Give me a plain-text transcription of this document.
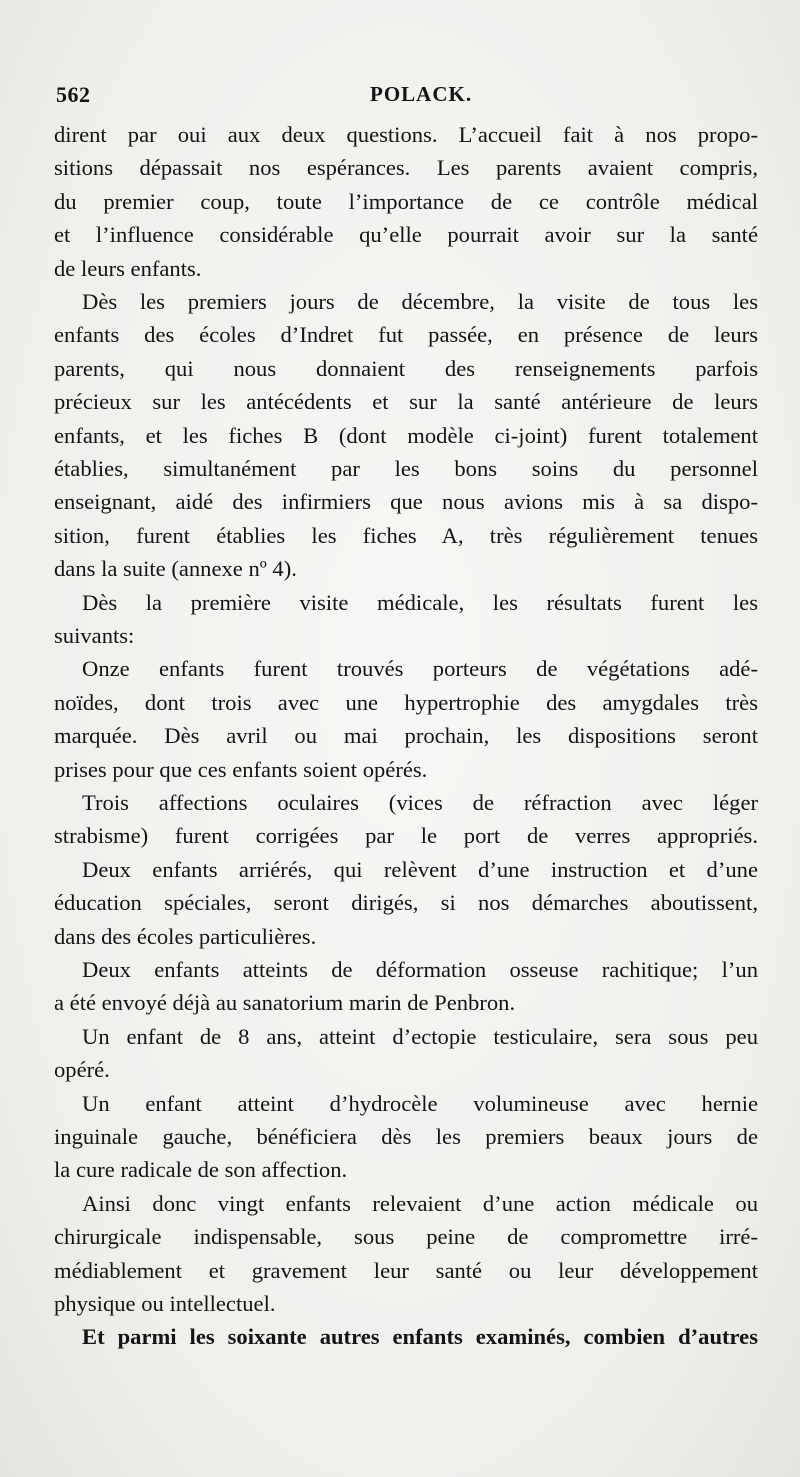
562	POLACK.
dirent par oui aux deux questions. L’accueil fait à nos propo-
sitions dépassait nos espérances. Les parents avaient compris,
du premier coup, toute l’importance de ce contrôle médical
et l’influence considérable qu’elle pourrait avoir sur la santé
de leurs enfants.
Dès les premiers jours de décembre, la visite de tous les
enfants des écoles d’Indret fut passée, en présence de leurs
parents, qui nous donnaient des renseignements parfois
précieux sur les antécédents et sur la santé antérieure de leurs
enfants, et les fiches B (dont modèle ci-joint) furent totalement
établies, simultanément par les bons soins du personnel
enseignant, aidé des infirmiers que nous avions mis à sa dispo-
sition, furent établies les fiches A, très régulièrement tenues
dans la suite (annexe nº 4).
Dès la première visite médicale, les résultats furent les
suivants:
Onze enfants furent trouvés porteurs de végétations adé-
noïdes, dont trois avec une hypertrophie des amygdales très
marquée. Dès avril ou mai prochain, les dispositions seront
prises pour que ces enfants soient opérés.
Trois affections oculaires (vices de réfraction avec léger
strabisme) furent corrigées par le port de verres appropriés.
Deux enfants arriérés, qui relèvent d’une instruction et d’une
éducation spéciales, seront dirigés, si nos démarches aboutissent,
dans des écoles particulières.
Deux enfants atteints de déformation osseuse rachitique; l’un
a été envoyé déjà au sanatorium marin de Penbron.
Un enfant de 8 ans, atteint d’ectopie testiculaire, sera sous peu
opéré.
Un enfant atteint d’hydrocèle volumineuse avec hernie
inguinale gauche, bénéficiera dès les premiers beaux jours de
la cure radicale de son affection.
Ainsi donc vingt enfants relevaient d’une action médicale ou
chirurgicale indispensable, sous peine de compromettre irré-
médiablement et gravement leur santé ou leur développement
physique ou intellectuel.
Et parmi les soixante autres enfants examinés, combien d’autres
